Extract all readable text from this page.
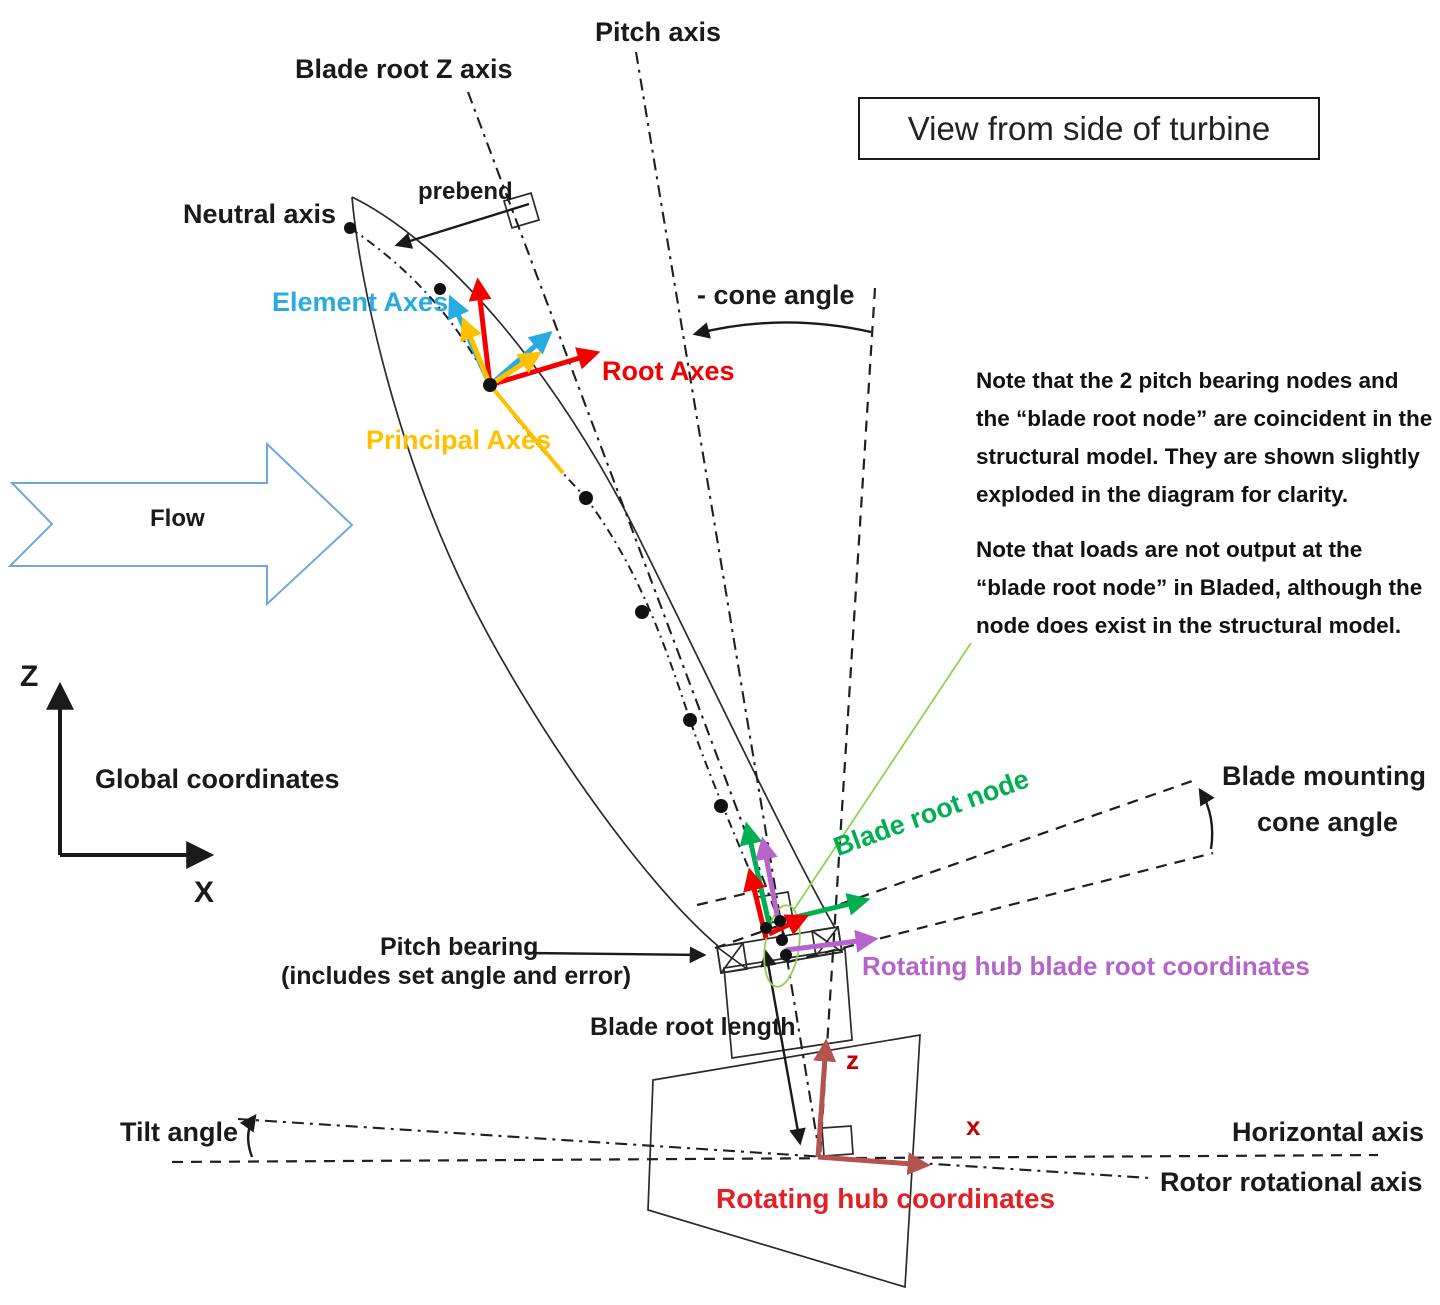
Pitch axis
Blade root Z axis
View from side of turbine
Neutral axis
prebend
Element Axes
Root Axes
Principal Axes
- cone angle
Flow
Note that the 2 pitch bearing nodes and
the “blade root node” are coincident in the
structural model. They are shown slightly
exploded in the diagram for clarity.
Note that loads are not output at the
“blade root node” in Bladed, although the
node does exist in the structural model.
Global coordinates
Z
X
Blade root node	Blade mounting
cone angle
Rotating hub blade root coordinates
Pitch bearing
(includes set angle and error)
Blade root length
Tilt angle	Horizontal axis
Rotor rotational axis
z
x
Rotating hub coordinates
